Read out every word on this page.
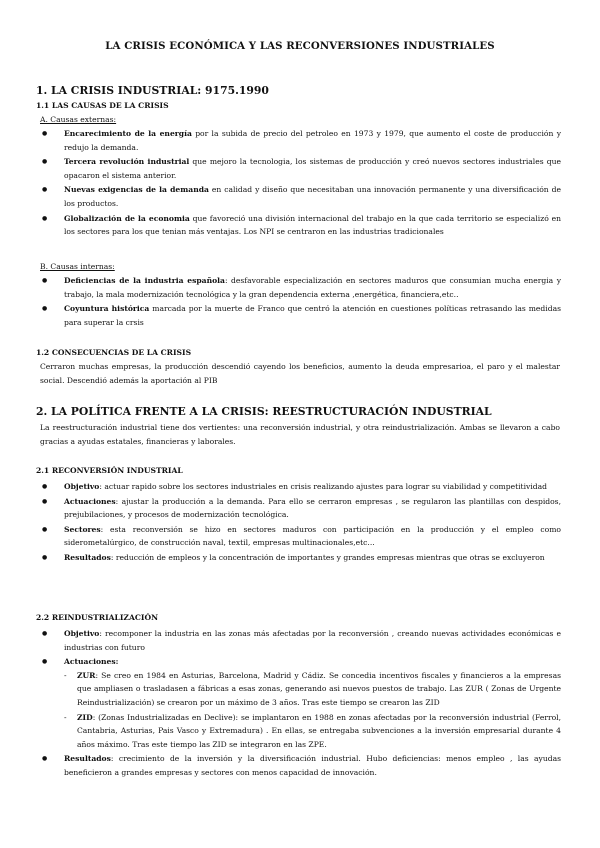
LA CRISIS ECONÓMICA Y LAS RECONVERSIONES INDUSTRIALES
1. LA CRISIS INDUSTRIAL: 9175.1990
1.1 LAS CAUSAS DE LA CRISIS
A. Causas externas:
● Encarecimiento de la energía por la subida de precio del petroleo en 1973 y 1979, que aumento el coste de producción y redujo la demanda.
● Tercera revolución industrial que mejoro la tecnologia, los sistemas de producción y creó nuevos sectores industriales que opacaron el sistema anterior.
● Nuevas exigencias de la demanda en calidad y diseño que necesitaban una innovación permanente y una diversificación de los productos.
● Globalización de la economia que favoreció una división internacional del trabajo en la que cada territorio se especializó en los sectores para los que tenian más ventajas. Los NPI se centraron en las industrias tradicionales
B. Causas internas:
● Deficiencias de la industria española: desfavorable especialización en sectores maduros que consumian mucha energia y trabajo, la mala modernización tecnológica y la gran dependencia externa ,energética, financiera,etc..
● Coyuntura histórica marcada por la muerte de Franco que centró la atención en cuestiones políticas retrasando las medidas para superar la crsis
1.2 CONSECUENCIAS DE LA CRISIS
Cerraron muchas empresas, la producción descendió cayendo los beneficios, aumento la deuda empresarioa, el paro y el malestar social. Descendió además la aportación al PIB
2. LA POLÍTICA FRENTE A LA CRISIS: REESTRUCTURACIÓN INDUSTRIAL
La reestructuración industrial tiene dos vertientes: una reconversión industrial, y otra reindustrialización. Ambas se llevaron a cabo gracias a ayudas estatales, financieras y laborales.
2.1 RECONVERSIÓN INDUSTRIAL
● Objetivo: actuar rapido sobre los sectores industriales en crisis realizando ajustes para lograr su viabilidad y competitividad
● Actuaciones: ajustar la producción a la demanda. Para ello se cerraron empresas , se regularon las plantillas con despidos, prejubilaciones, y procesos de modernización tecnológica.
● Sectores: esta reconversión se hizo en sectores maduros con participación en la producción y el empleo como siderometalúrgico, de construcción naval, textil, empresas multinacionales,etc...
● Resultados: reducción de empleos y la concentración de importantes y grandes empresas mientras que otras se excluyeron
2.2 REINDUSTRIALIZACIÓN
● Objetivo: recomponer la industria en las zonas más afectadas por la reconversión , creando nuevas actividades económicas e industrias con futuro
● Actuaciones:
- ZUR: Se creo en 1984 en Asturias, Barcelona, Madrid y Cádiz. Se concedia incentivos fiscales y financieros a la empresas que ampliasen o trasladasen a fábricas a esas zonas, generando asi nuevos puestos de trabajo. Las ZUR ( Zonas de Urgente Reindustrialización) se crearon por un máximo de 3 años. Tras este tiempo se crearon las ZID
- ZID: (Zonas Industrializadas en Declive): se implantaron en 1988 en zonas afectadas por la reconversión industrial (Ferrol, Cantabria, Asturias, Pais Vasco y Extremadura) . En ellas, se entregaba subvenciones a la inversión empresarial durante 4 años máximo. Tras este tiempo las ZID se integraron en las ZPE.
● Resultados: crecimiento de la inversión y la diversificación industrial. Hubo deficiencias: menos empleo , las ayudas beneficieron a grandes empresas y sectores con menos capacidad de innovación.
